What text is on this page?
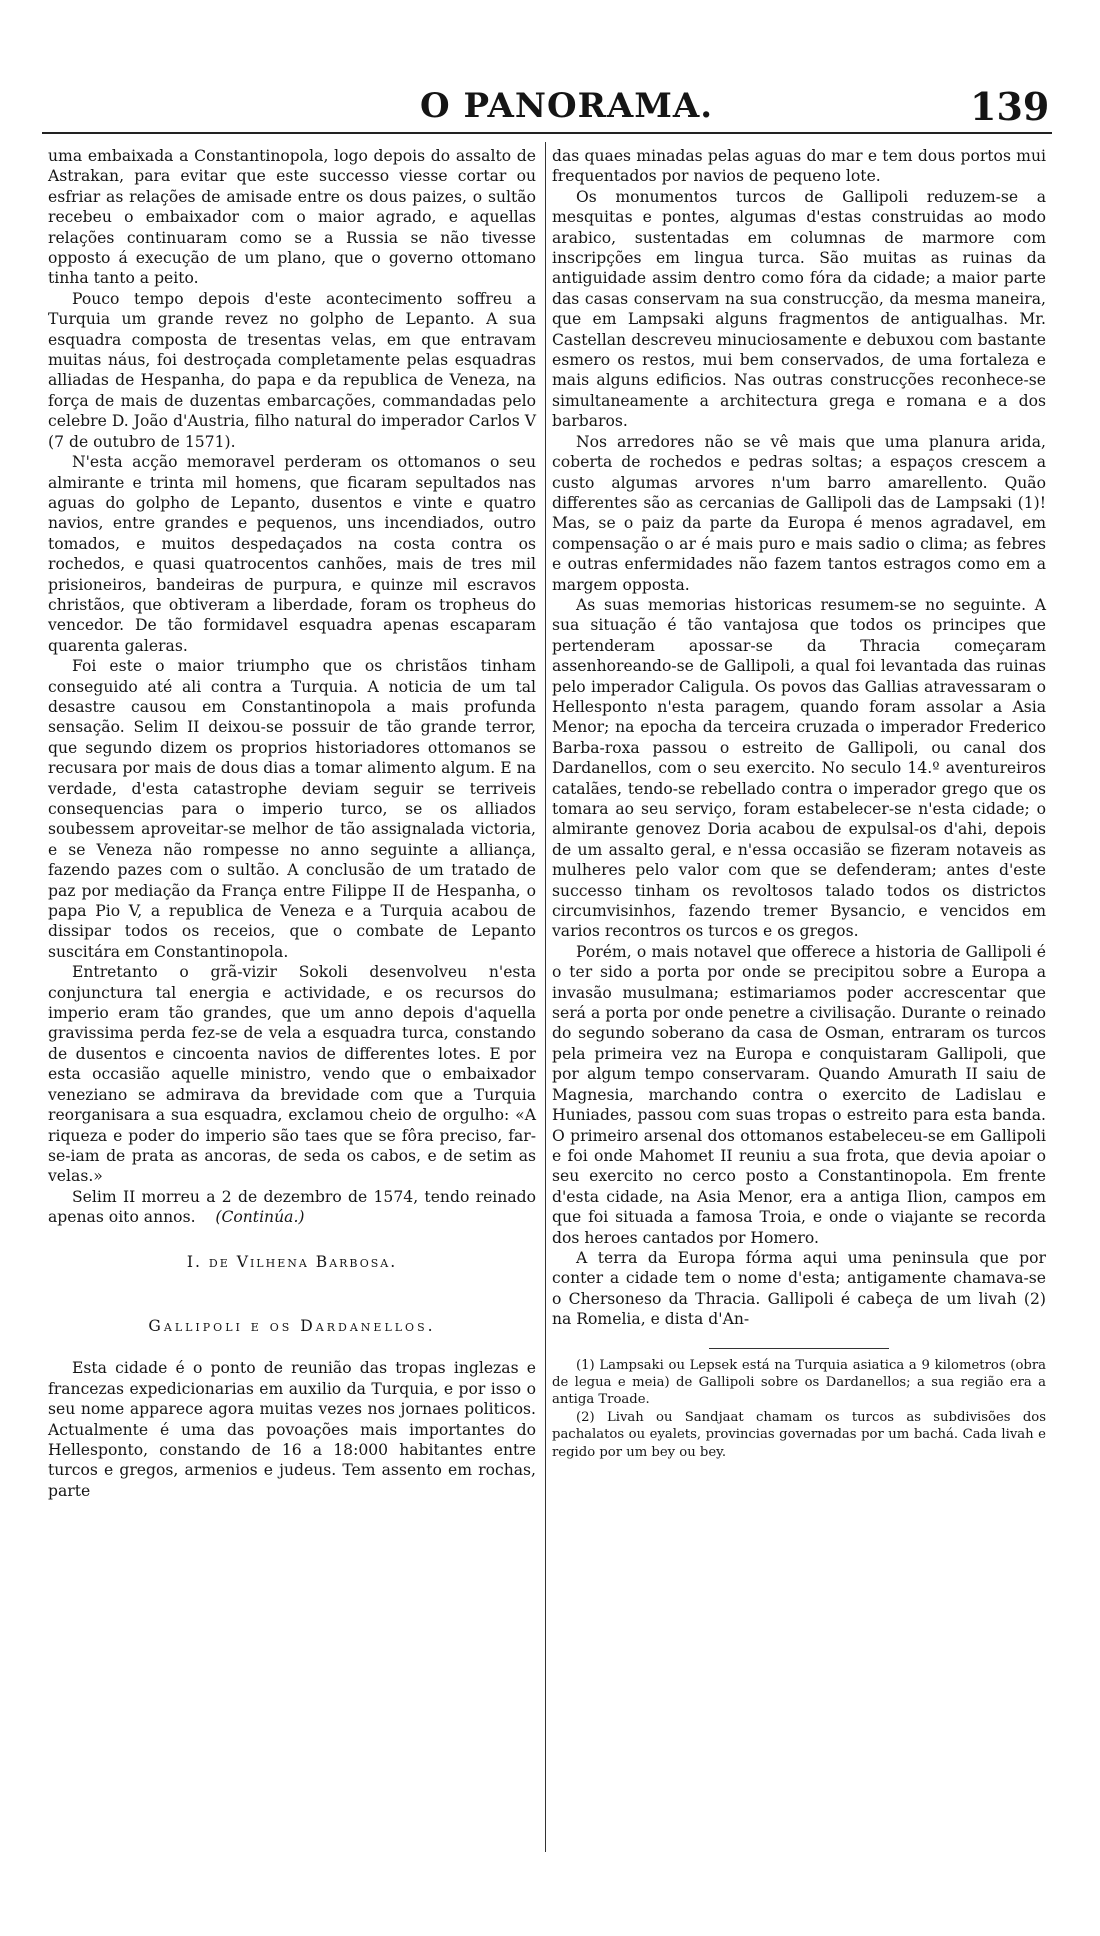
O PANORAMA.	139

uma embaixada a Constantinopola, logo depois do assalto de Astrakan, para evitar que este successo viesse cortar ou esfriar as relações de amisade entre os dous paizes, o sultão recebeu o embaixador com o maior agrado, e aquellas relações continuaram como se a Russia se não tivesse opposto á execução de um plano, que o governo ottomano tinha tanto a peito.

Pouco tempo depois d'este acontecimento soffreu a Turquia um grande revez no golpho de Lepanto. A sua esquadra composta de tresentas velas, em que entravam muitas náus, foi destroçada completamente pelas esquadras alliadas de Hespanha, do papa e da republica de Veneza, na força de mais de duzentas embarcações, commandadas pelo celebre D. João d'Austria, filho natural do imperador Carlos V (7 de outubro de 1571).

N'esta acção memoravel perderam os ottomanos o seu almirante e trinta mil homens, que ficaram sepultados nas aguas do golpho de Lepanto, dusentos e vinte e quatro navios, entre grandes e pequenos, uns incendiados, outro tomados, e muitos despedaçados na costa contra os rochedos, e quasi quatrocentos canhões, mais de tres mil prisioneiros, bandeiras de purpura, e quinze mil escravos christãos, que obtiveram a liberdade, foram os tropheus do vencedor. De tão formidavel esquadra apenas escaparam quarenta galeras.

Foi este o maior triumpho que os christãos tinham conseguido até ali contra a Turquia. A noticia de um tal desastre causou em Constantinopola a mais profunda sensação. Selim II deixou-se possuir de tão grande terror, que segundo dizem os proprios historiadores ottomanos se recusara por mais de dous dias a tomar alimento algum. E na verdade, d'esta catastrophe deviam seguir se terriveis consequencias para o imperio turco, se os alliados soubessem aproveitar-se melhor de tão assignalada victoria, e se Veneza não rompesse no anno seguinte a alliança, fazendo pazes com o sultão. A conclusão de um tratado de paz por mediação da França entre Filippe II de Hespanha, o papa Pio V, a republica de Veneza e a Turquia acabou de dissipar todos os receios, que o combate de Lepanto suscitára em Constantinopola.

Entretanto o grã-vizir Sokoli desenvolveu n'esta conjunctura tal energia e actividade, e os recursos do imperio eram tão grandes, que um anno depois d'aquella gravissima perda fez-se de vela a esquadra turca, constando de dusentos e cincoenta navios de differentes lotes. E por esta occasião aquelle ministro, vendo que o embaixador veneziano se admirava da brevidade com que a Turquia reorganisara a sua esquadra, exclamou cheio de orgulho: «A riqueza e poder do imperio são taes que se fôra preciso, far-se-iam de prata as ancoras, de seda os cabos, e de setim as velas.»

Selim II morreu a 2 de dezembro de 1574, tendo reinado apenas oito annos. (Continúa.)

I. de Vilhena Barbosa.
Gallipoli e os Dardanellos.

Esta cidade é o ponto de reunião das tropas inglezas e francezas expedicionarias em auxilio da Turquia, e por isso o seu nome apparece agora muitas vezes nos jornaes politicos. Actualmente é uma das povoações mais importantes do Hellesponto, constando de 16 a 18:000 habitantes entre turcos e gregos, armenios e judeus. Tem assento em rochas, parte

das quaes minadas pelas aguas do mar e tem dous portos mui frequentados por navios de pequeno lote.

Os monumentos turcos de Gallipoli reduzem-se a mesquitas e pontes, algumas d'estas construidas ao modo arabico, sustentadas em columnas de marmore com inscripções em lingua turca. São muitas as ruinas da antiguidade assim dentro como fóra da cidade; a maior parte das casas conservam na sua construcção, da mesma maneira, que em Lampsaki alguns fragmentos de antigualhas. Mr. Castellan descreveu minuciosamente e debuxou com bastante esmero os restos, mui bem conservados, de uma fortaleza e mais alguns edificios. Nas outras construcções reconhece-se simultaneamente a architectura grega e romana e a dos barbaros.

Nos arredores não se vê mais que uma planura arida, coberta de rochedos e pedras soltas; a espaços crescem a custo algumas arvores n'um barro amarellento. Quão differentes são as cercanias de Gallipoli das de Lampsaki (1)! Mas, se o paiz da parte da Europa é menos agradavel, em compensação o ar é mais puro e mais sadio o clima; as febres e outras enfermidades não fazem tantos estragos como em a margem opposta.

As suas memorias historicas resumem-se no seguinte. A sua situação é tão vantajosa que todos os principes que pertenderam apossar-se da Thracia começaram assenhoreando-se de Gallipoli, a qual foi levantada das ruinas pelo imperador Caligula. Os povos das Gallias atravessaram o Hellesponto n'esta paragem, quando foram assolar a Asia Menor; na epocha da terceira cruzada o imperador Frederico Barba-roxa passou o estreito de Gallipoli, ou canal dos Dardanellos, com o seu exercito. No seculo 14.º aventureiros catalães, tendo-se rebellado contra o imperador grego que os tomara ao seu serviço, foram estabelecer-se n'esta cidade; o almirante genovez Doria acabou de expulsal-os d'ahi, depois de um assalto geral, e n'essa occasião se fizeram notaveis as mulheres pelo valor com que se defenderam; antes d'este successo tinham os revoltosos talado todos os districtos circumvisinhos, fazendo tremer Bysancio, e vencidos em varios recontros os turcos e os gregos.

Porém, o mais notavel que offerece a historia de Gallipoli é o ter sido a porta por onde se precipitou sobre a Europa a invasão musulmana; estimariamos poder accrescentar que será a porta por onde penetre a civilisação. Durante o reinado do segundo soberano da casa de Osman, entraram os turcos pela primeira vez na Europa e conquistaram Gallipoli, que por algum tempo conservaram. Quando Amurath II saiu de Magnesia, marchando contra o exercito de Ladislau e Huniades, passou com suas tropas o estreito para esta banda. O primeiro arsenal dos ottomanos estabeleceu-se em Gallipoli e foi onde Mahomet II reuniu a sua frota, que devia apoiar o seu exercito no cerco posto a Constantinopola. Em frente d'esta cidade, na Asia Menor, era a antiga Ilion, campos em que foi situada a famosa Troia, e onde o viajante se recorda dos heroes cantados por Homero.

A terra da Europa fórma aqui uma peninsula que por conter a cidade tem o nome d'esta; antigamente chamava-se o Chersoneso da Thracia. Gallipoli é cabeça de um livah (2) na Romelia, e dista d'An-

(1) Lampsaki ou Lepsek está na Turquia asiatica a 9 kilometros (obra de legua e meia) de Gallipoli sobre os Dardanellos; a sua região era a antiga Troade.

(2) Livah ou Sandjaat chamam os turcos as subdivisões dos pachalatos ou eyalets, provincias governadas por um bachá. Cada livah e regido por um bey ou bey.
